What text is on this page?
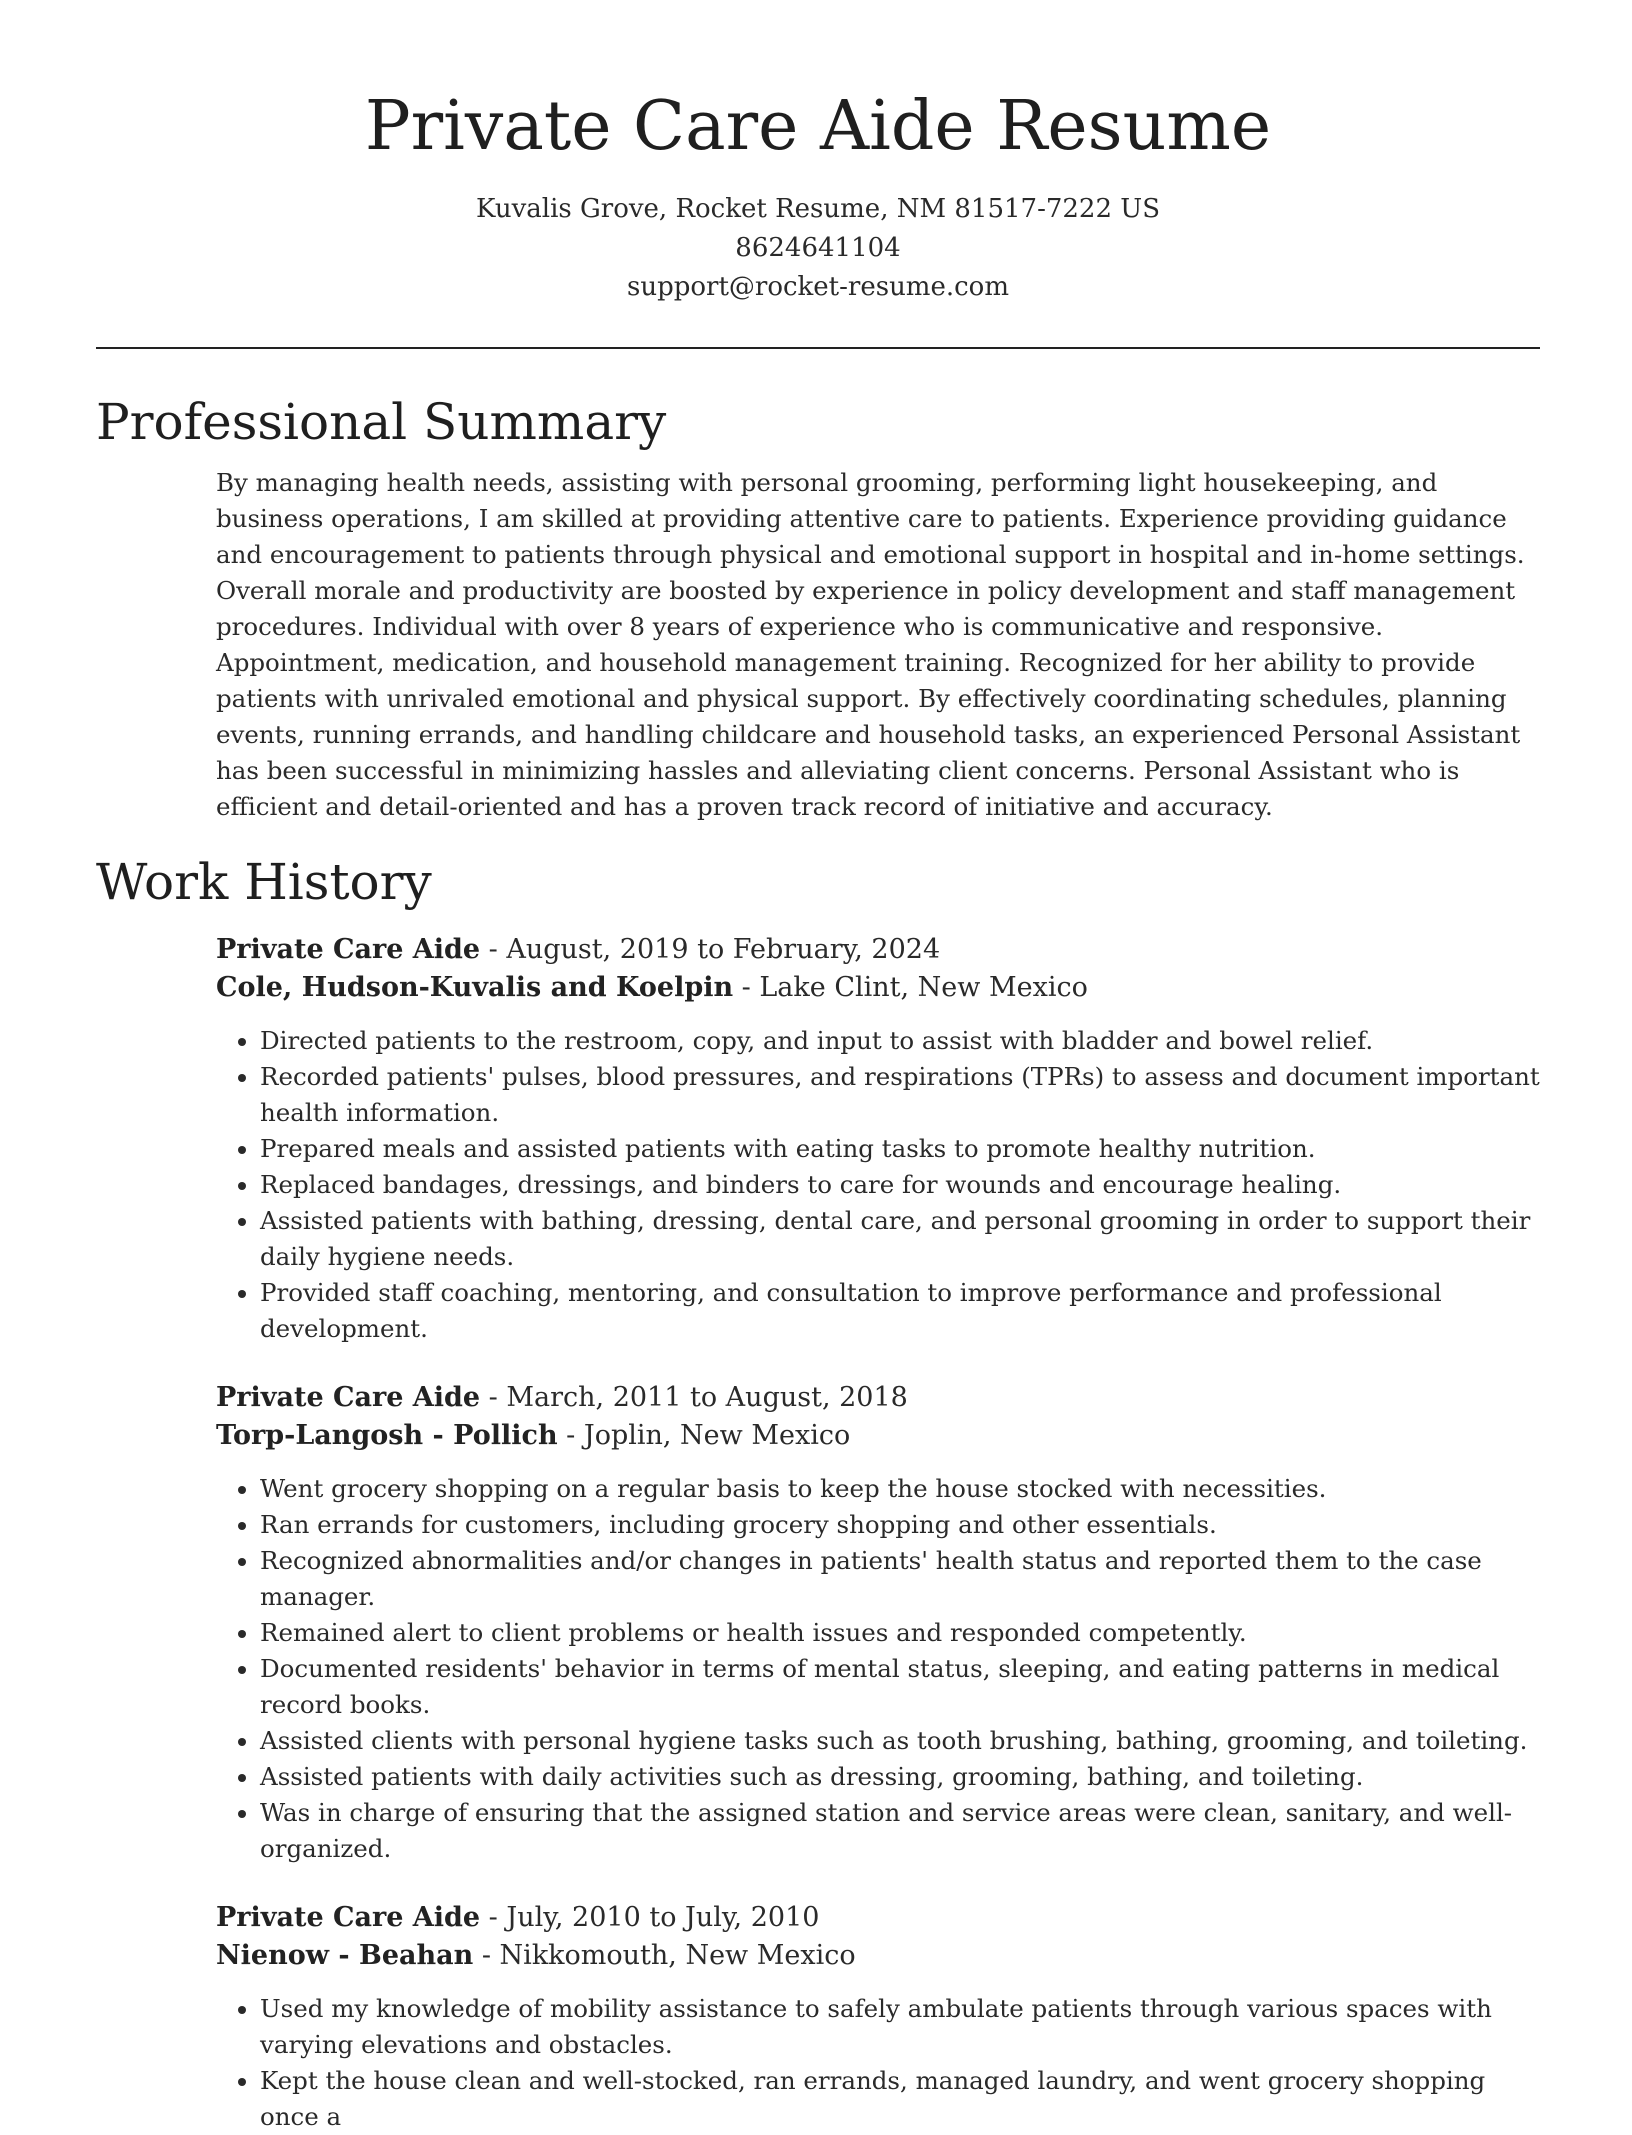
Private Care Aide Resume
Kuvalis Grove, Rocket Resume, NM 81517-7222 US
8624641104
support@rocket-resume.com
Professional Summary
By managing health needs, assisting with personal grooming, performing light housekeeping, and business operations, I am skilled at providing attentive care to patients. Experience providing guidance and encouragement to patients through physical and emotional support in hospital and in-home settings. Overall morale and productivity are boosted by experience in policy development and staff management procedures. Individual with over 8 years of experience who is communicative and responsive. Appointment, medication, and household management training. Recognized for her ability to provide patients with unrivaled emotional and physical support. By effectively coordinating schedules, planning events, running errands, and handling childcare and household tasks, an experienced Personal Assistant has been successful in minimizing hassles and alleviating client concerns. Personal Assistant who is efficient and detail-oriented and has a proven track record of initiative and accuracy.
Work History
Private Care Aide - August, 2019 to February, 2024
Cole, Hudson-Kuvalis and Koelpin - Lake Clint, New Mexico
• Directed patients to the restroom, copy, and input to assist with bladder and bowel relief.
• Recorded patients' pulses, blood pressures, and respirations (TPRs) to assess and document important health information.
• Prepared meals and assisted patients with eating tasks to promote healthy nutrition.
• Replaced bandages, dressings, and binders to care for wounds and encourage healing.
• Assisted patients with bathing, dressing, dental care, and personal grooming in order to support their daily hygiene needs.
• Provided staff coaching, mentoring, and consultation to improve performance and professional development.
Private Care Aide - March, 2011 to August, 2018
Torp-Langosh - Pollich - Joplin, New Mexico
• Went grocery shopping on a regular basis to keep the house stocked with necessities.
• Ran errands for customers, including grocery shopping and other essentials.
• Recognized abnormalities and/or changes in patients' health status and reported them to the case manager.
• Remained alert to client problems or health issues and responded competently.
• Documented residents' behavior in terms of mental status, sleeping, and eating patterns in medical record books.
• Assisted clients with personal hygiene tasks such as tooth brushing, bathing, grooming, and toileting.
• Assisted patients with daily activities such as dressing, grooming, bathing, and toileting.
• Was in charge of ensuring that the assigned station and service areas were clean, sanitary, and well-organized.
Private Care Aide - July, 2010 to July, 2010
Nienow - Beahan - Nikkomouth, New Mexico
• Used my knowledge of mobility assistance to safely ambulate patients through various spaces with varying elevations and obstacles.
• Kept the house clean and well-stocked, ran errands, managed laundry, and went grocery shopping once a
